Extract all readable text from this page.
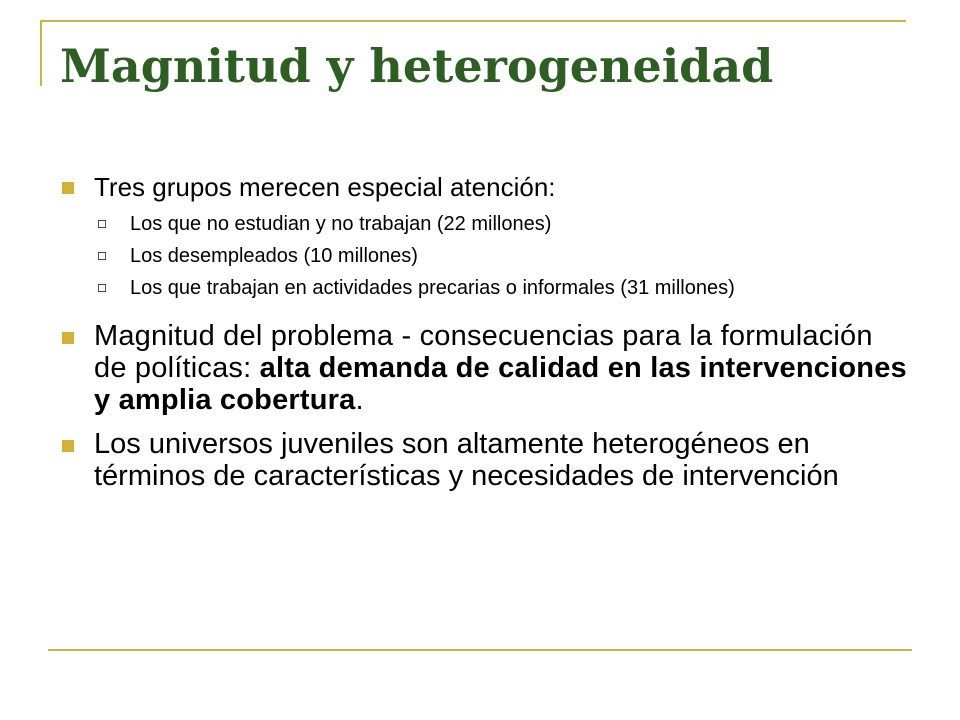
Magnitud y heterogeneidad
Tres grupos merecen especial atención:
Los que no estudian y no trabajan (22 millones)
Los desempleados (10 millones)
Los que trabajan en actividades precarias o informales (31 millones)
Magnitud del problema - consecuencias para la formulación de políticas: alta demanda de calidad en las intervenciones y amplia cobertura.
Los universos juveniles son altamente heterogéneos en términos de características y necesidades de intervención
